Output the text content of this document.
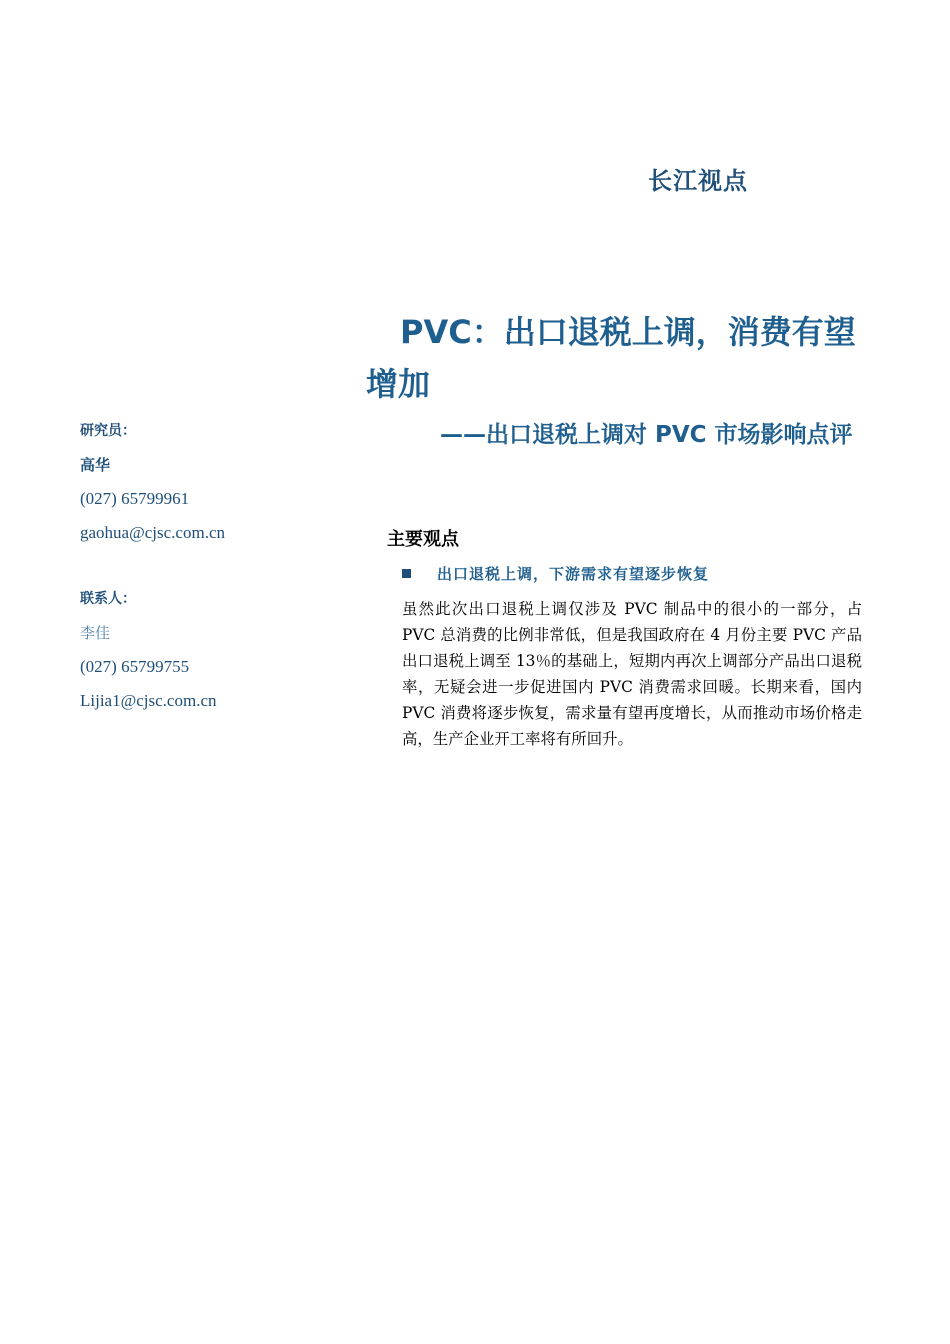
长江视点
PVC：出口退税上调，消费有望增加
——出口退税上调对 PVC 市场影响点评
研究员：
高华
(027) 65799961
gaohua@cjsc.com.cn
联系人：
李佳
(027) 65799755
Lijia1@cjsc.com.cn
主要观点
出口退税上调，下游需求有望逐步恢复

虽然此次出口退税上调仅涉及 PVC 制品中的很小的一部分，占 PVC 总消费的比例非常低，但是我国政府在 4 月份主要 PVC 产品出口退税上调至 13％的基础上，短期内再次上调部分产品出口退税率，无疑会进一步促进国内 PVC 消费需求回暖。长期来看，国内 PVC 消费将逐步恢复，需求量有望再度增长，从而推动市场价格走高，生产企业开工率将有所回升。
